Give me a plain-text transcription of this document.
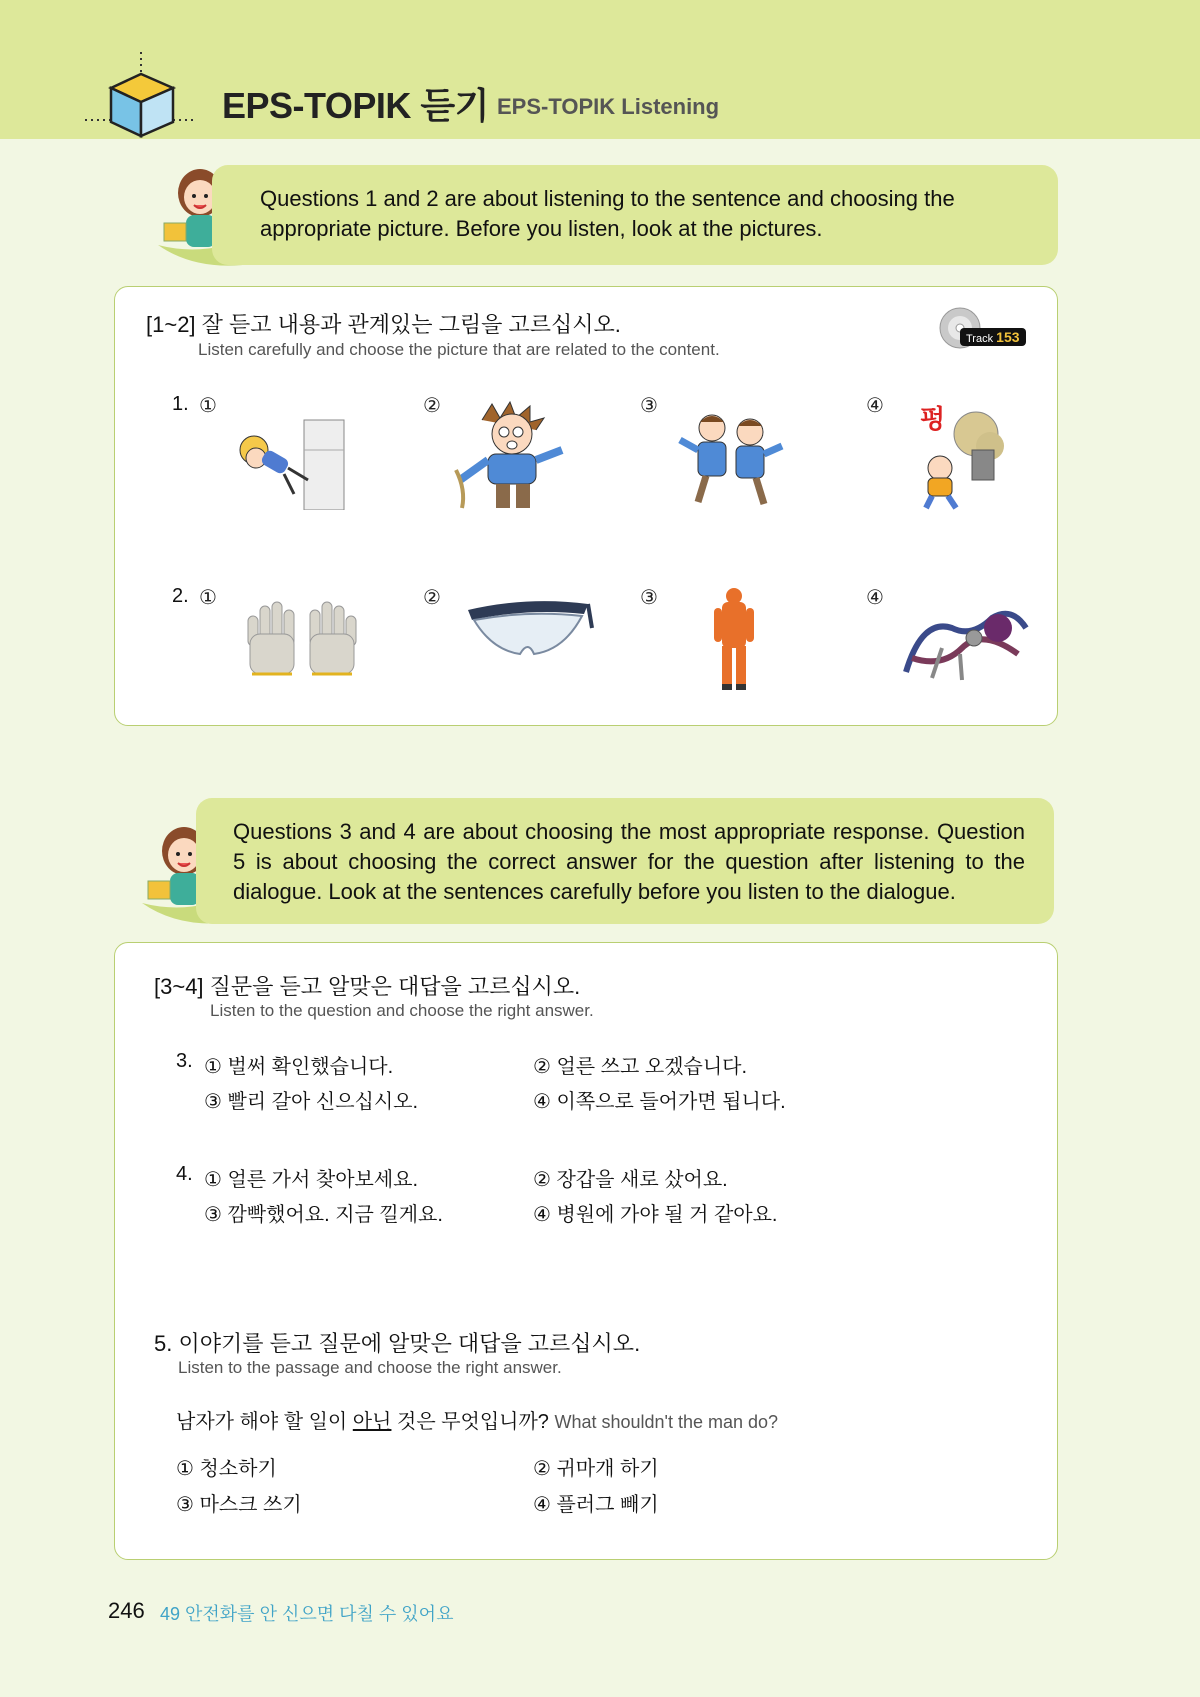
EPS-TOPIK 듣기 EPS-TOPIK Listening
Questions 1 and 2 are about listening to the sentence and choosing the appropriate picture. Before you listen, look at the pictures.
[1~2] 잘 듣고 내용과 관계있는 그림을 고르십시오.
Listen carefully and choose the picture that are related to the content.
Track 153
1. ①	②	③	④ 펑
2. ①	②	③	④
Questions 3 and 4 are about choosing the most appropriate response. Question 5 is about choosing the correct answer for the question after listening to the dialogue. Look at the sentences carefully before you listen to the dialogue.
[3~4] 질문을 듣고 알맞은 대답을 고르십시오.
Listen to the question and choose the right answer.
3. ① 벌써 확인했습니다.	② 얼른 쓰고 오겠습니다.
③ 빨리 갈아 신으십시오.	④ 이쪽으로 들어가면 됩니다.
4. ① 얼른 가서 찾아보세요.	② 장갑을 새로 샀어요.
③ 깜빡했어요. 지금 낄게요.	④ 병원에 가야 될 거 같아요.
5. 이야기를 듣고 질문에 알맞은 대답을 고르십시오.
Listen to the passage and choose the right answer.
남자가 해야 할 일이 아닌 것은 무엇입니까? What shouldn't the man do?
① 청소하기	② 귀마개 하기
③ 마스크 쓰기	④ 플러그 빼기
246 49 안전화를 안 신으면 다칠 수 있어요
